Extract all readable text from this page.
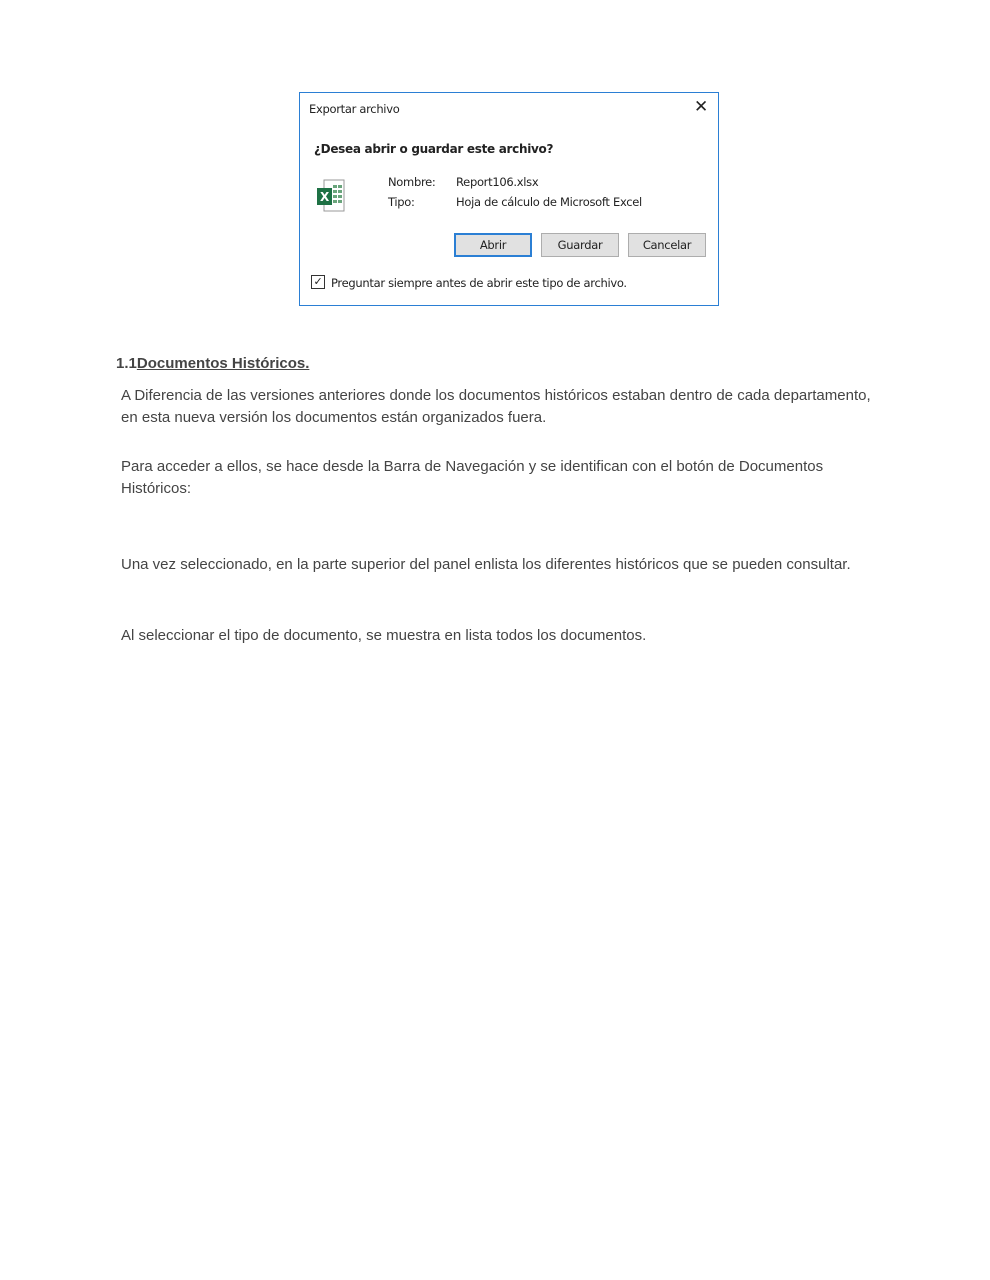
Exportar archivo	✕
¿Desea abrir o guardar este archivo?
X
Nombre: Report106.xlsx
Tipo:	Hoja de cálculo de Microsoft Excel
Abrir	Guardar	Cancelar
✓ Preguntar siempre antes de abrir este tipo de archivo.
1.1Documentos Históricos.

A Diferencia de las versiones anteriores donde los documentos históricos estaban dentro de cada departamento, en esta nueva versión los documentos están organizados fuera.

Para acceder a ellos, se hace desde la Barra de Navegación y se identifican con el botón de Documentos Históricos:

Una vez seleccionado, en la parte superior del panel enlista los diferentes históricos que se pueden consultar.

Al seleccionar el tipo de documento, se muestra en lista todos los documentos.
